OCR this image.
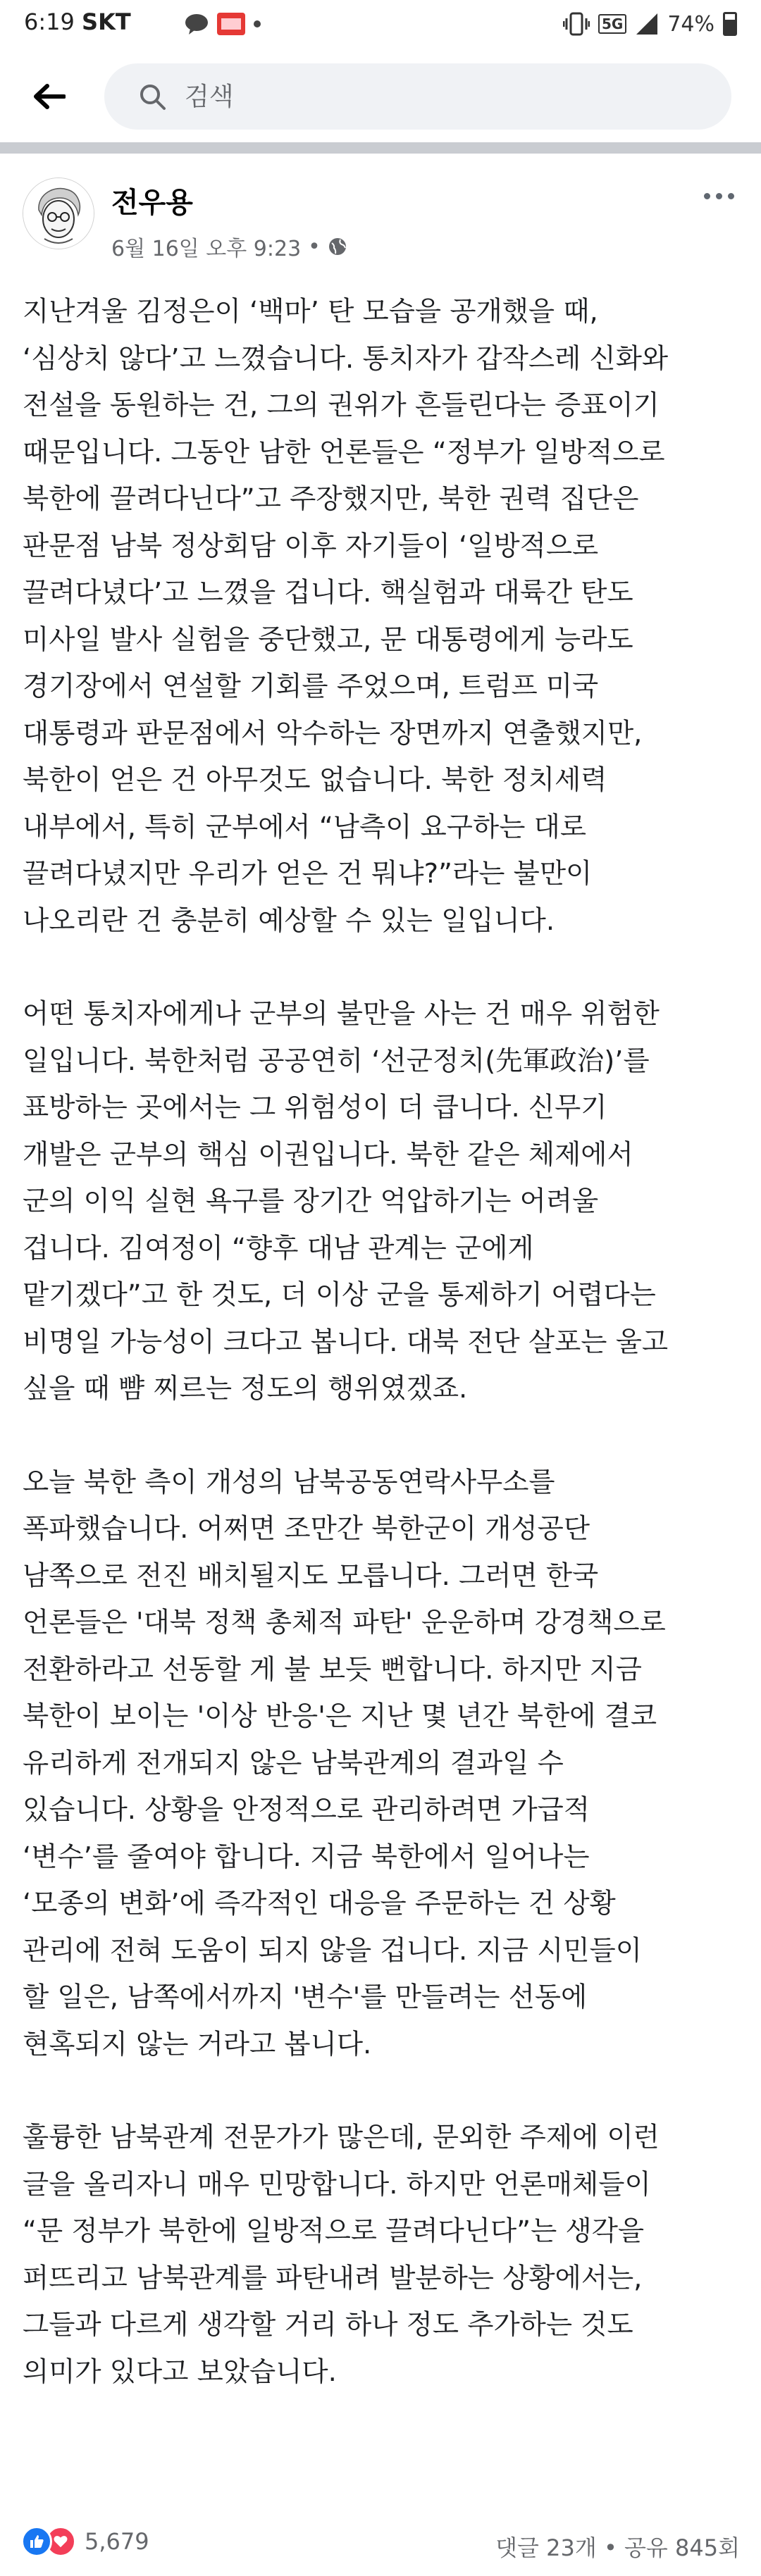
6:19 SKT	5G 74%
검색
전우용
6월 16일 오후 9:23 •

지난겨울 김정은이 ‘백마’ 탄 모습을 공개했을 때,
‘심상치 않다’고 느꼈습니다. 통치자가 갑작스레 신화와
전설을 동원하는 건, 그의 권위가 흔들린다는 증표이기
때문입니다. 그동안 남한 언론들은 “정부가 일방적으로
북한에 끌려다닌다”고 주장했지만, 북한 권력 집단은
판문점 남북 정상회담 이후 자기들이 ‘일방적으로
끌려다녔다’고 느꼈을 겁니다. 핵실험과 대륙간 탄도
미사일 발사 실험을 중단했고, 문 대통령에게 능라도
경기장에서 연설할 기회를 주었으며, 트럼프 미국
대통령과 판문점에서 악수하는 장면까지 연출했지만,
북한이 얻은 건 아무것도 없습니다. 북한 정치세력
내부에서, 특히 군부에서 “남측이 요구하는 대로
끌려다녔지만 우리가 얻은 건 뭐냐?”라는 불만이
나오리란 건 충분히 예상할 수 있는 일입니다.

어떤 통치자에게나 군부의 불만을 사는 건 매우 위험한
일입니다. 북한처럼 공공연히 ‘선군정치(先軍政治)’를
표방하는 곳에서는 그 위험성이 더 큽니다. 신무기
개발은 군부의 핵심 이권입니다. 북한 같은 체제에서
군의 이익 실현 욕구를 장기간 억압하기는 어려울
겁니다. 김여정이 “향후 대남 관계는 군에게
맡기겠다”고 한 것도, 더 이상 군을 통제하기 어렵다는
비명일 가능성이 크다고 봅니다. 대북 전단 살포는 울고
싶을 때 뺨 찌르는 정도의 행위였겠죠.

오늘 북한 측이 개성의 남북공동연락사무소를
폭파했습니다. 어쩌면 조만간 북한군이 개성공단
남쪽으로 전진 배치될지도 모릅니다. 그러면 한국
언론들은 '대북 정책 총체적 파탄' 운운하며 강경책으로
전환하라고 선동할 게 불 보듯 뻔합니다. 하지만 지금
북한이 보이는 '이상 반응'은 지난 몇 년간 북한에 결코
유리하게 전개되지 않은 남북관계의 결과일 수
있습니다. 상황을 안정적으로 관리하려면 가급적
‘변수’를 줄여야 합니다. 지금 북한에서 일어나는
‘모종의 변화’에 즉각적인 대응을 주문하는 건 상황
관리에 전혀 도움이 되지 않을 겁니다. 지금 시민들이
할 일은, 남쪽에서까지 '변수'를 만들려는 선동에
현혹되지 않는 거라고 봅니다.

훌륭한 남북관계 전문가가 많은데, 문외한 주제에 이런
글을 올리자니 매우 민망합니다. 하지만 언론매체들이
“문 정부가 북한에 일방적으로 끌려다닌다”는 생각을
퍼뜨리고 남북관계를 파탄내려 발분하는 상황에서는,
그들과 다르게 생각할 거리 하나 정도 추가하는 것도
의미가 있다고 보았습니다.

5,679	댓글 23개 • 공유 845회
